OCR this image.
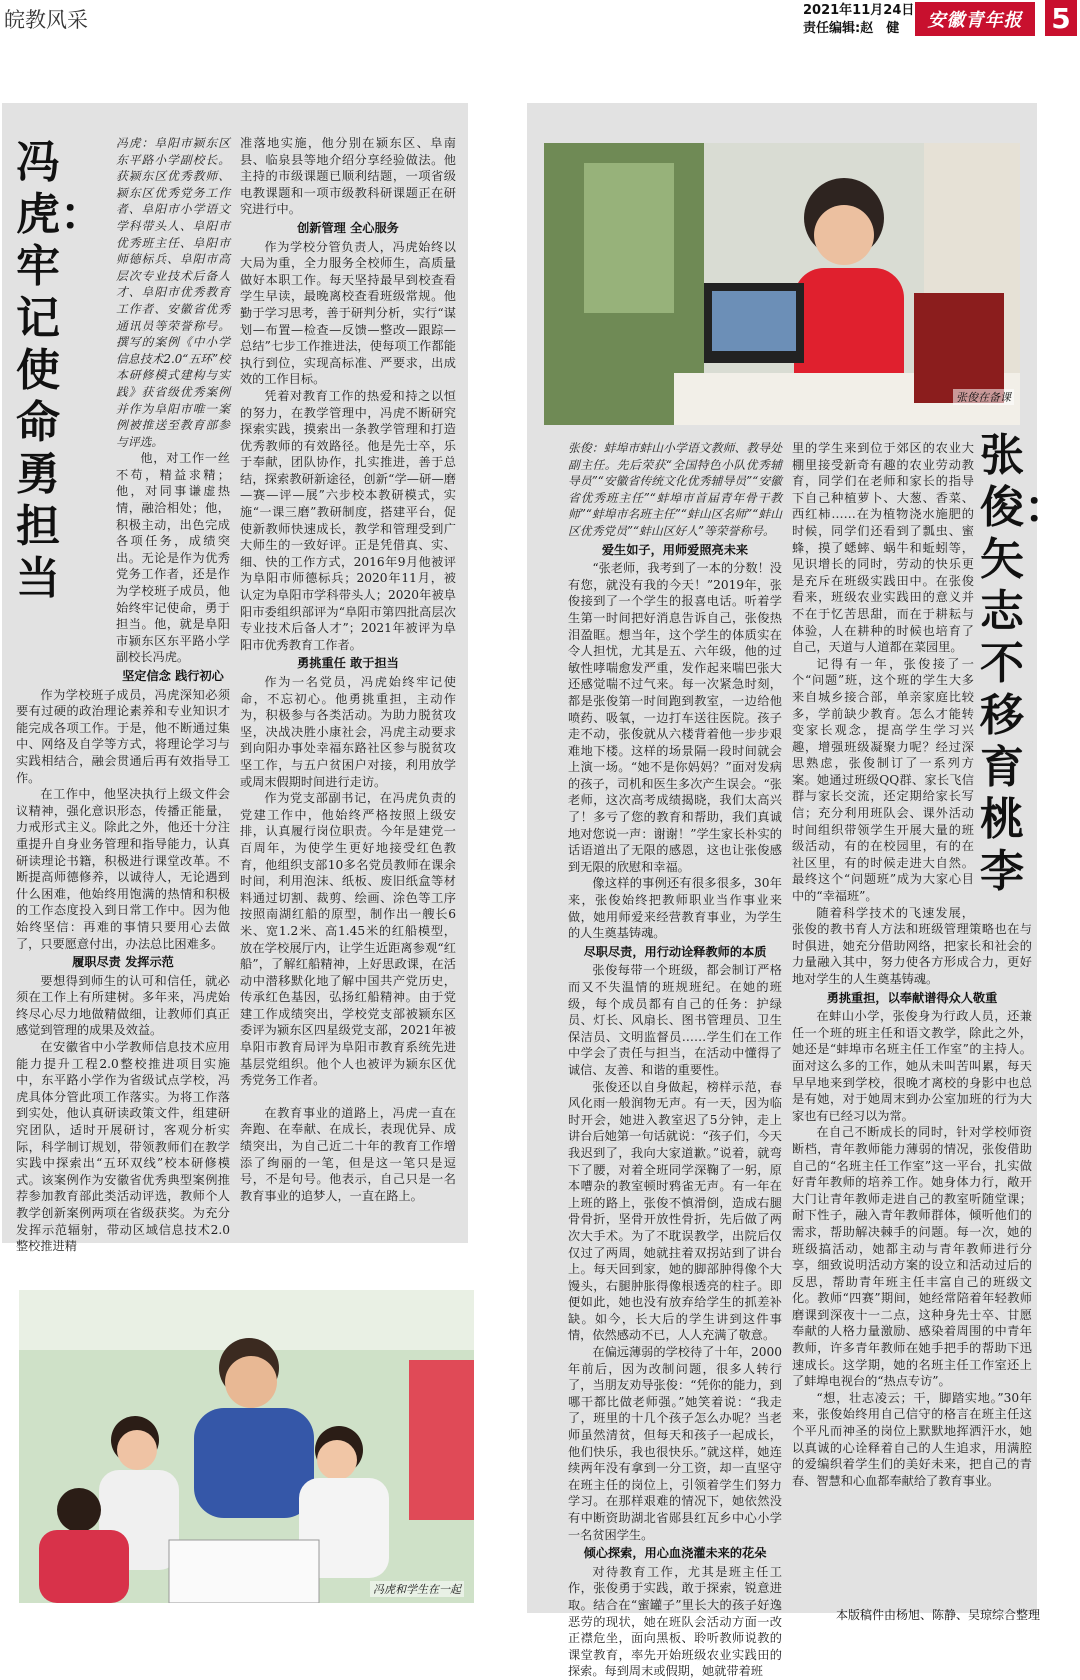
皖教风采	2021年11月24日
责任编辑:赵　健	安徽青年报	5
冯虎：牢记使命勇担当
冯虎：阜阳市颍东区东平路小学副校长。获颍东区优秀教师、颍东区优秀党务工作者、阜阳市小学语文学科带头人、阜阳市优秀班主任、阜阳市师德标兵、阜阳市高层次专业技术后备人才、阜阳市优秀教育工作者、安徽省优秀通讯员等荣誉称号。撰写的案例《中小学信息技术2.0“五环”校本研修模式建构与实践》获省级优秀案例并作为阜阳市唯一案例被推送至教育部参与评选。

他，对工作一丝不苟，精益求精；他，对同事谦虚热情，融洽相处；他，积极主动，出色完成各项任务，成绩突出。无论是作为优秀党务工作者，还是作为学校班子成员，他始终牢记使命，勇于担当。他，就是阜阳市颍东区东平路小学副校长冯虎。

坚定信念 践行初心

作为学校班子成员，冯虎深知必须要有过硬的政治理论素养和专业知识才能完成各项工作。于是，他不断通过集中、网络及自学等方式，将理论学习与实践相结合，融会贯通后再有效指导工作。

在工作中，他坚决执行上级文件会议精神，强化意识形态，传播正能量，力戒形式主义。除此之外，他还十分注重提升自身业务管理和指导能力，认真研读理论书籍，积极进行课堂改革。不断提高师德修养，以诚待人，无论遇到什么困难，他始终用饱满的热情和积极的工作态度投入到日常工作中。因为他始终坚信：再难的事情只要用心去做了，只要愿意付出，办法总比困难多。

履职尽责 发挥示范

要想得到师生的认可和信任，就必须在工作上有所建树。多年来，冯虎始终尽心尽力地做精做细，让教师们真正感觉到管理的成果及效益。

在安徽省中小学教师信息技术应用能力提升工程2.0整校推进项目实施中，东平路小学作为省级试点学校，冯虎具体分管此项工作落实。为将工作落到实处，他认真研读政策文件，组建研究团队，适时开展研讨，客观分析实际，科学制订规划，带领教师们在教学实践中探索出“五环双线”校本研修模式。该案例作为安徽省优秀典型案例推荐参加教育部此类活动评选，教师个人教学创新案例两项在省级获奖。为充分发挥示范辐射，带动区域信息技术2.0整校推进精

准落地实施，他分别在颍东区、阜南县、临泉县等地介绍分享经验做法。他主持的市级课题已顺利结题，一项省级电教课题和一项市级教科研课题正在研究进行中。

创新管理 全心服务

作为学校分管负责人，冯虎始终以大局为重，全力服务全校师生，高质量做好本职工作。每天坚持最早到校查看学生早读，最晚离校查看班级常规。他勤于学习思考，善于研判分析，实行“谋划—布置—检查—反馈—整改—跟踪—总结”七步工作推进法，使每项工作都能执行到位，实现高标准、严要求，出成效的工作目标。

凭着对教育工作的热爱和持之以恒的努力，在教学管理中，冯虎不断研究探索实践，摸索出一条教学管理和打造优秀教师的有效路径。他是先士卒，乐于奉献，团队协作，扎实推进，善于总结，探索教研新途径，创新“学—研—磨—赛—评—展”六步校本教研模式，实施“一课三磨”教研制度，搭建平台，促使新教师快速成长，教学和管理受到广大师生的一致好评。正是凭借真、实、细、快的工作方式，2016年9月他被评为阜阳市师德标兵；2020年11月，被认定为阜阳市学科带头人；2020年被阜阳市委组织部评为“阜阳市第四批高层次专业技术后备人才”；2021年被评为阜阳市优秀教育工作者。

勇挑重任 敢于担当

作为一名党员，冯虎始终牢记使命，不忘初心。他勇挑重担，主动作为，积极参与各类活动。为助力脱贫攻坚，决战决胜小康社会，冯虎主动要求到向阳办事处幸福东路社区参与脱贫攻坚工作，与五户贫困户对接，利用放学或周末假期时间进行走访。

作为党支部副书记，在冯虎负责的党建工作中，他始终严格按照上级安排，认真履行岗位职责。今年是建党一百周年，为使学生更好地接受红色教育，他组织支部10多名党员教师在课余时间，利用泡沫、纸板、废旧纸盒等材料通过切割、裁剪、绘画、涂色等工序按照南湖红船的原型，制作出一艘长6米、宽1.2米、高1.45米的红船模型，放在学校展厅内，让学生近距离参观“红船”，了解红船精神，上好思政课，在活动中潜移默化地了解中国共产党历史，传承红色基因，弘扬红船精神。由于党建工作成绩突出，学校党支部被颍东区委评为颍东区四星级党支部，2021年被阜阳市教育局评为阜阳市教育系统先进基层党组织。他个人也被评为颍东区优秀党务工作者。

在教育事业的道路上，冯虎一直在奔跑、在奉献、在成长，表现优异、成绩突出，为自己近二十年的教育工作增添了绚丽的一笔，但是这一笔只是逗号，不是句号。他表示，自己只是一名教育事业的追梦人，一直在路上。

冯虎和学生在一起
张俊在备课
张俊：矢志不移育桃李
张俊：蚌埠市蚌山小学语文教师、教导处副主任。先后荣获“全国特色小队优秀辅导员”“安徽省传统文化优秀辅导员”“安徽省优秀班主任”“蚌埠市首届青年骨干教师”“蚌埠市名班主任”“蚌山区名师”“蚌山区优秀党员”“蚌山区好人”等荣誉称号。
爱生如子，用师爱照亮未来

“张老师，我考到了一本的分数！没有您，就没有我的今天！”2019年，张俊接到了一个学生的报喜电话。听着学生第一时间把好消息告诉自己，张俊热泪盈眶。想当年，这个学生的体质实在令人担忧，尤其是五、六年级，他的过敏性哮喘愈发严重，发作起来喘巴张大还感觉喘不过气来。每一次紧急时刻，都是张俊第一时间跑到教室，一边给他喷药、吸氧，一边打车送往医院。孩子走不动，张俊就从六楼背着他一步步艰难地下楼。这样的场景隔一段时间就会上演一场。“她不是你妈妈？”面对发病的孩子，司机和医生多次产生误会。“张老师，这次高考成绩揭晓，我们太高兴了！多亏了您的教育和帮助，我们真诚地对您说一声：谢谢！”学生家长朴实的话语道出了无限的感恩，这也让张俊感到无限的欣慰和幸福。

像这样的事例还有很多很多，30年来，张俊始终把教师职业当作事业来做，她用师爱来经营教育事业，为学生的人生奠基铸魂。

尽职尽责，用行动诠释教师的本质

张俊每带一个班级，都会制订严格而又不失温情的班规班纪。在她的班级，每个成员都有自己的任务：护绿员、灯长、风扇长、图书管理员、卫生保洁员、文明监督员……学生们在工作中学会了责任与担当，在活动中懂得了诚信、友善、和谐的重要性。

张俊还以自身做起，榜样示范，春风化雨一般润物无声。有一天，因为临时开会，她进入教室迟了5分钟，走上讲台后她第一句话就说：“孩子们，今天我迟到了，我向大家道歉。”说着，就弯下了腰，对着全班同学深鞠了一躬，原本嘈杂的教室顿时鸦雀无声。有一年在上班的路上，张俊不慎滑倒，造成右腿骨骨折，坚骨开放性骨折，先后做了两次大手术。为了不耽误教学，出院后仅仅过了两周，她就拄着双拐站到了讲台上。每天回到家，她的脚部肿得像个大馒头，右腿肿胀得像根透亮的柱子。即便如此，她也没有放弃给学生的抓差补缺。如今，长大后的学生讲到这件事情，依然感动不已，人人充满了敬意。

在偏远薄弱的学校待了十年，2000年前后，因为改制问题，很多人转行了，当朋友劝导张俊：“凭你的能力，到哪干都比做老师强。”她笑着说：“我走了，班里的十几个孩子怎么办呢？当老师虽然清贫，但每天和孩子一起成长，他们快乐，我也很快乐。”就这样，她连续两年没有拿到一分工资，却一直坚守在班主任的岗位上，引领着学生们努力学习。在那样艰难的情况下，她依然没有中断资助湖北省郧县红瓦乡中心小学一名贫困学生。

倾心探索，用心血浇灌未来的花朵

对待教育工作，尤其是班主任工作，张俊勇于实践，敢于探索，锐意进取。结合在“蜜罐子”里长大的孩子好逸恶劳的现状，她在班队会活动方面一改正襟危坐，面向黑板、聆听教师说教的课堂教育，率先开始班级农业实践田的探索。每到周末或假期，她就带着班

里的学生来到位于郊区的农业大棚里接受新奇有趣的农业劳动教育，同学们在老师和家长的指导下自己种植萝卜、大葱、香菜、西红柿……在为植物浇水施肥的时候，同学们还看到了瓢虫、蜜蜂，摸了蟋蟀、蜗牛和蚯蚓等，见识增长的同时，劳动的快乐更是充斥在班级实践田中。在张俊看来，班级农业实践田的意义并不在于忆苦思甜，而在于耕耘与体验，人在耕种的时候也培育了自己，天道与人道都在菜园里。

记得有一年，张俊接了一个“问题”班，这个班的学生大多来自城乡接合部，单亲家庭比较多，学前缺少教育。怎么才能转变家长观念，提高学生学习兴趣，增强班级凝聚力呢？经过深思熟虑，张俊制订了一系列方案。她通过班级QQ群、家长飞信群与家长交流，还定期给家长写信；充分利用班队会、课外活动时间组织带领学生开展大量的班级活动，有的在校园里，有的在社区里，有的时候走进大自然。最终这个“问题班”成为大家心目中的“幸福班”。

随着科学技术的飞速发展，张俊的教书育人方法和班级管理策略也在与时俱进，她充分借助网络，把家长和社会的力量融入其中，努力使各方形成合力，更好地对学生的人生奠基铸魂。

勇挑重担，以奉献谱得众人敬重

在蚌山小学，张俊身为行政人员，还兼任一个班的班主任和语文教学，除此之外，她还是“蚌埠市名班主任工作室”的主持人。面对这么多的工作，她从未叫苦叫累，每天早早地来到学校，很晚才离校的身影中也总是有她，对于她周末到办公室加班的行为大家也有已经习以为常。

在自己不断成长的同时，针对学校师资断档，青年教师能力薄弱的情况，张俊借助自己的“名班主任工作室”这一平台，扎实做好青年教师的培养工作。她身体力行，敞开大门让青年教师走进自己的教室听随堂课；耐下性子，融入青年教师群体，倾听他们的需求，帮助解决棘手的问题。每一次，她的班级搞活动，她都主动与青年教师进行分享，细致说明活动方案的设立和活动过后的反思，帮助青年班主任丰富自己的班级文化。教师“四赛”期间，她经常陪着年轻教师磨课到深夜十一二点，这种身先士卒、甘愿奉献的人格力量激励、感染着周围的中青年教师，许多青年教师在她手把手的帮助下迅速成长。这学期，她的名班主任工作室还上了蚌埠电视台的“热点专访”。

“想，壮志凌云；干，脚踏实地。”30年来，张俊始终用自己信守的格言在班主任这个平凡而神圣的岗位上默默地挥洒汗水，她以真诚的心诠释着自己的人生追求，用满腔的爱编织着学生们的美好未来，把自己的青春、智慧和心血都奉献给了教育事业。

本版稿件由杨旭、陈静、吴琼综合整理
